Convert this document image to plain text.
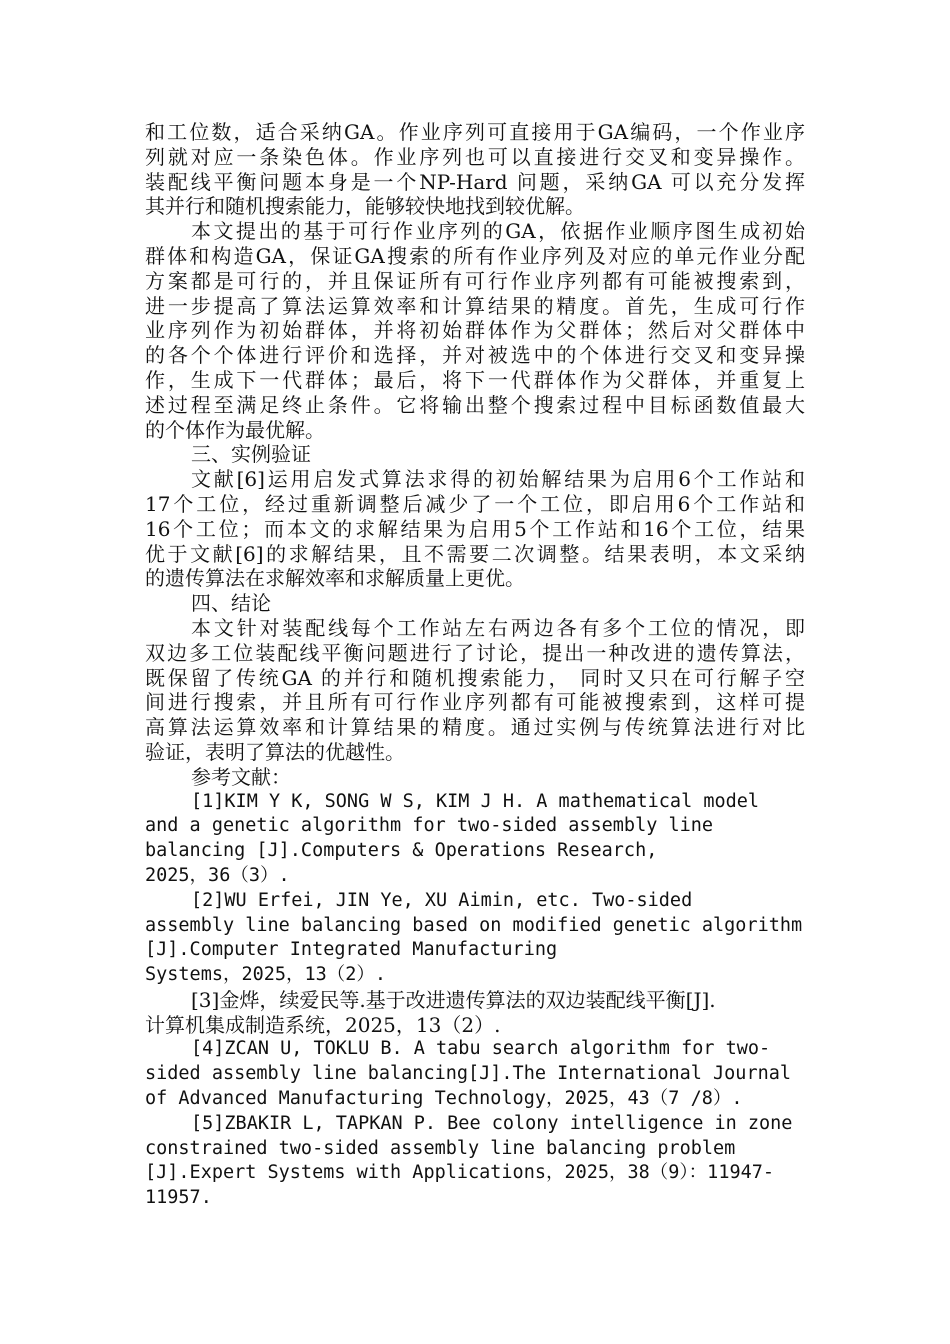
和工位数，适合采纳GA。作业序列可直接用于GA编码，一个作业序

列就对应一条染色体。作业序列也可以直接进行交叉和变异操作。

装配线平衡问题本身是一个NP-Hard 问题，采纳GA 可以充分发挥

其并行和随机搜索能力，能够较快地找到较优解。

本文提出的基于可行作业序列的GA，依据作业顺序图生成初始

群体和构造GA，保证GA搜索的所有作业序列及对应的单元作业分配

方案都是可行的，并且保证所有可行作业序列都有可能被搜索到，

进一步提高了算法运算效率和计算结果的精度。首先，生成可行作

业序列作为初始群体，并将初始群体作为父群体；然后对父群体中

的各个个体进行评价和选择，并对被选中的个体进行交叉和变异操

作，生成下一代群体；最后，将下一代群体作为父群体，并重复上

述过程至满足终止条件。它将输出整个搜索过程中目标函数值最大

的个体作为最优解。

三、实例验证

文献[6]运用启发式算法求得的初始解结果为启用6个工作站和

17个工位，经过重新调整后减少了一个工位，即启用6个工作站和

16个工位；而本文的求解结果为启用5个工作站和16个工位，结果

优于文献[6]的求解结果，且不需要二次调整。结果表明，本文采纳

的遗传算法在求解效率和求解质量上更优。

四、结论

本文针对装配线每个工作站左右两边各有多个工位的情况，即

双边多工位装配线平衡问题进行了讨论，提出一种改进的遗传算法，

既保留了传统GA 的并行和随机搜索能力， 同时又只在可行解子空

间进行搜索，并且所有可行作业序列都有可能被搜索到，这样可提

高算法运算效率和计算结果的精度。通过实例与传统算法进行对比

验证，表明了算法的优越性。

参考文献：

[1]KIM Y K, SONG W S, KIM J H. A mathematical model

and a genetic algorithm for two-sided assembly line

balancing [J].Computers & Operations Research,

2025，36（3）.

[2]WU Erfei, JIN Ye, XU Aimin, etc. Two-sided

assembly line balancing based on modified genetic algorithm

[J].Computer Integrated Manufacturing

Systems，2025，13（2）.

[3]金烨，续爱民等.基于改进遗传算法的双边装配线平衡[J].

计算机集成制造系统，2025，13（2）.

[4]ZCAN U, TOKLU B. A tabu search algorithm for two-

sided assembly line balancing[J].The International Journal

of Advanced Manufacturing Technology，2025，43（7 /8）.

[5]ZBAKIR L, TAPKAN P. Bee colony intelligence in zone

constrained two-sided assembly line balancing problem

[J].Expert Systems with Applications，2025，38（9）：11947-

11957.
